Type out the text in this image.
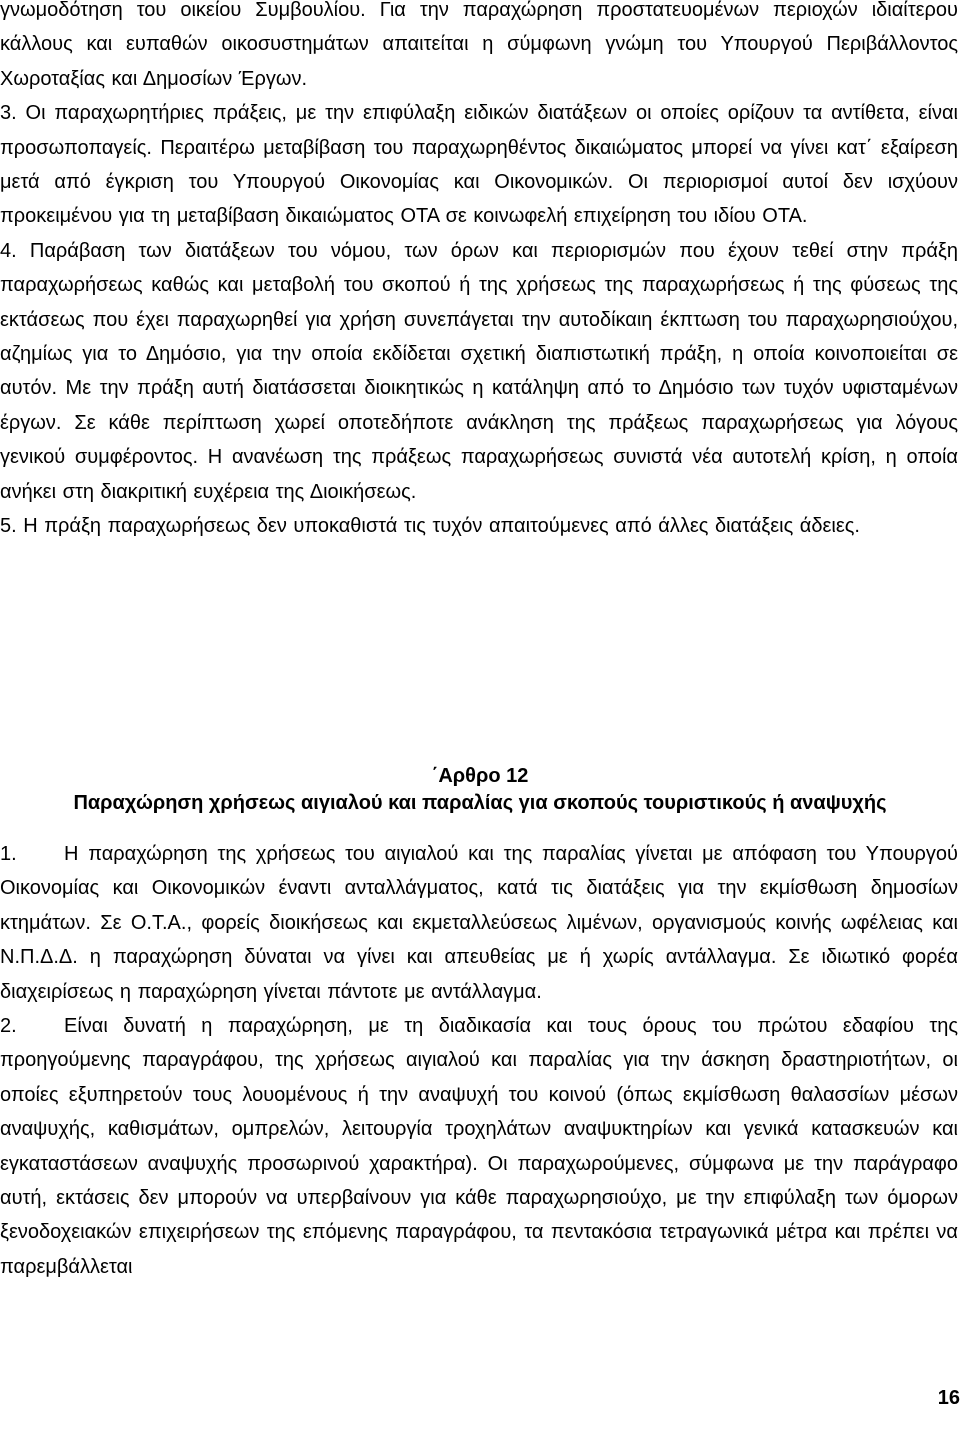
γνωμοδότηση του οικείου Συμβουλίου. Για την παραχώρηση προστατευομένων περιοχών ιδιαίτερου κάλλους και ευπαθών οικοσυστημάτων απαιτείται η σύμφωνη γνώμη του Υπουργού Περιβάλλοντος Χωροταξίας και Δημοσίων Έργων.

3. Οι παραχωρητήριες πράξεις, με την επιφύλαξη ειδικών διατάξεων οι οποίες ορίζουν τα αντίθετα, είναι προσωποπαγείς. Περαιτέρω μεταβίβαση του παραχωρηθέντος δικαιώματος μπορεί να γίνει κατ΄ εξαίρεση μετά από έγκριση του Υπουργού Οικονομίας και Οικονομικών. Οι περιορισμοί αυτοί δεν ισχύουν προκειμένου για τη μεταβίβαση δικαιώματος ΟΤΑ σε κοινωφελή επιχείρηση του ιδίου ΟΤΑ.

4. Παράβαση των διατάξεων του νόμου, των όρων και περιορισμών που έχουν τεθεί στην πράξη παραχωρήσεως καθώς και μεταβολή του σκοπού ή της χρήσεως της παραχωρήσεως ή της φύσεως της εκτάσεως που έχει παραχωρηθεί για χρήση συνεπάγεται την αυτοδίκαιη έκπτωση του παραχωρησιούχου, αζημίως για το Δημόσιο, για την οποία εκδίδεται σχετική διαπιστωτική πράξη, η οποία κοινοποιείται σε αυτόν. Με την πράξη αυτή διατάσσεται διοικητικώς η κατάληψη από το Δημόσιο των τυχόν υφισταμένων έργων. Σε κάθε περίπτωση χωρεί οποτεδήποτε ανάκληση της πράξεως παραχωρήσεως για λόγους γενικού συμφέροντος. Η ανανέωση της πράξεως παραχωρήσεως συνιστά νέα αυτοτελή κρίση, η οποία ανήκει στη διακριτική ευχέρεια της Διοικήσεως.

5. Η πράξη παραχωρήσεως δεν υποκαθιστά τις τυχόν απαιτούμενες από άλλες διατάξεις άδειες.

΄Αρθρο 12
Παραχώρηση χρήσεως αιγιαλού και παραλίας για σκοπούς τουριστικούς ή αναψυχής

1. Η παραχώρηση της χρήσεως του αιγιαλού και της παραλίας γίνεται με απόφαση του Υπουργού Οικονομίας και Οικονομικών έναντι ανταλλάγματος, κατά τις διατάξεις για την εκμίσθωση δημοσίων κτημάτων. Σε Ο.Τ.Α., φορείς διοικήσεως και εκμεταλλεύσεως λιμένων, οργανισμούς κοινής ωφέλειας και Ν.Π.Δ.Δ. η παραχώρηση δύναται να γίνει και απευθείας με ή χωρίς αντάλλαγμα. Σε ιδιωτικό φορέα διαχειρίσεως η παραχώρηση γίνεται πάντοτε με αντάλλαγμα.

2. Είναι δυνατή η παραχώρηση, με τη διαδικασία και τους όρους του πρώτου εδαφίου της προηγούμενης παραγράφου, της χρήσεως αιγιαλού και παραλίας για την άσκηση δραστηριοτήτων, οι οποίες εξυπηρετούν τους λουομένους ή την αναψυχή του κοινού (όπως εκμίσθωση θαλασσίων μέσων αναψυχής, καθισμάτων, ομπρελών, λειτουργία τροχηλάτων αναψυκτηρίων και γενικά κατασκευών και εγκαταστάσεων αναψυχής προσωρινού χαρακτήρα). Οι παραχωρούμενες, σύμφωνα με την παράγραφο αυτή, εκτάσεις δεν μπορούν να υπερβαίνουν για κάθε παραχωρησιούχο, με την επιφύλαξη των όμορων ξενοδοχειακών επιχειρήσεων της επόμενης παραγράφου, τα πεντακόσια τετραγωνικά μέτρα και πρέπει να παρεμβάλλεται

16
